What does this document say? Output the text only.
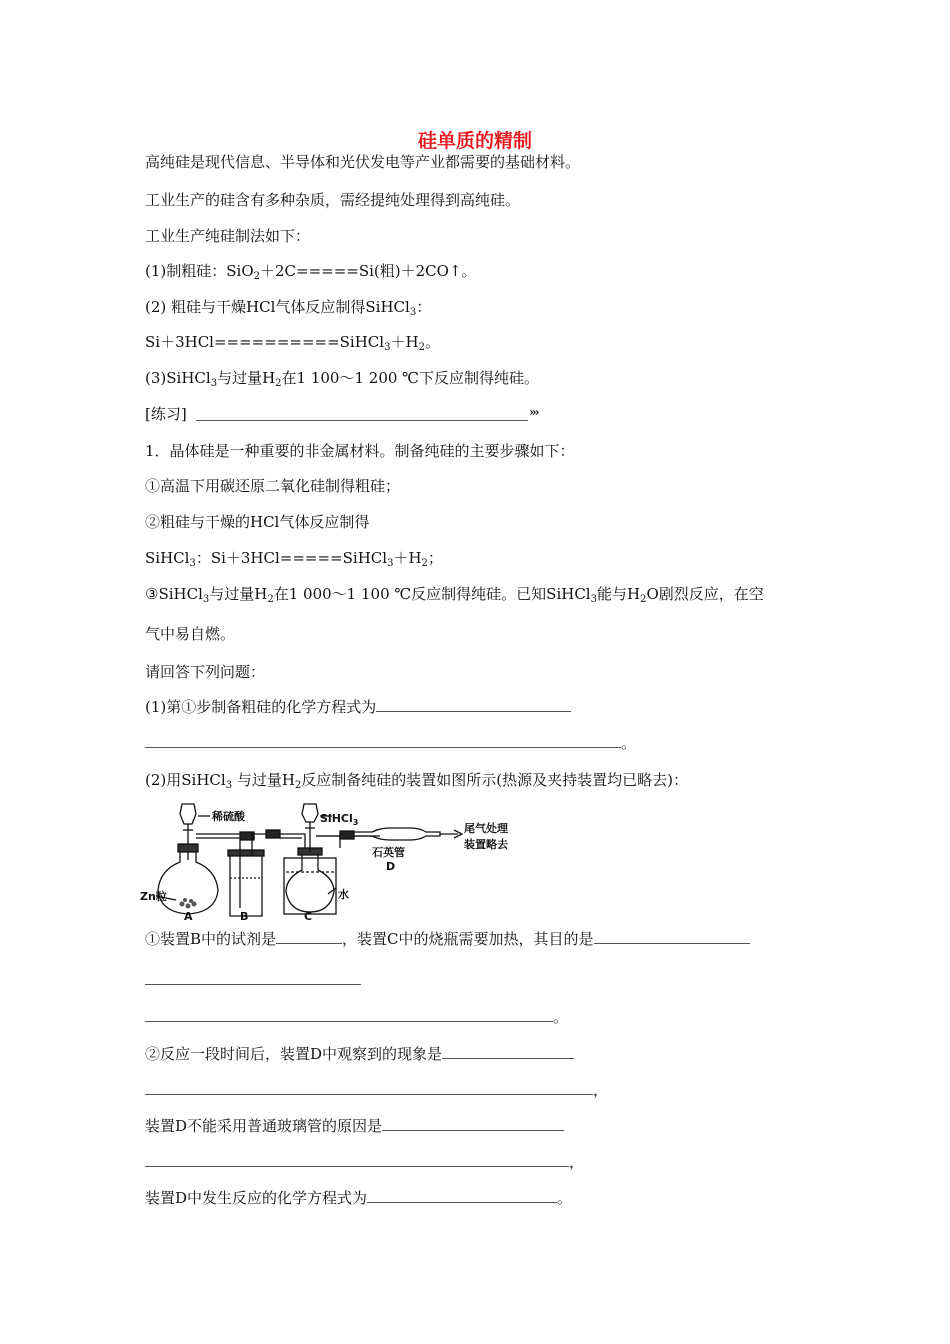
硅单质的精制
高纯硅是现代信息、半导体和光伏发电等产业都需要的基础材料。
工业生产的硅含有多种杂质，需经提纯处理得到高纯硅。
工业生产纯硅制法如下：
(1)制粗硅：SiO$_2$＋2C=====Si(粗)＋2CO↑。
(2) 粗硅与干燥HCl气体反应制得SiHCl$_3$：
$Si+3HCl==========SiHCl_3+H_2$。
(3)SiHCl$_3$与过量$H_2$在1 100～1 200 ℃下反应制得纯硅。
[练习]	›››
1．晶体硅是一种重要的非金属材料。制备纯硅的主要步骤如下：
①高温下用碳还原二氧化硅制得粗硅；
②粗硅与干燥的HCl气体反应制得
SiHCl$_3$：$Si+3HCl=====SiHCl_3+H_2$；
③SiHCl$_3$与过量$H_2$在1 000～1 100 ℃反应制得纯硅。已知SiHCl$_3$能与$H_2O$剧烈反应，在空
气中易自燃。
请回答下列问题：
(1)第①步制备粗硅的化学方程式为
。
(2)用SiHCl$_3$ 与过量$H_2$反应制备纯硅的装置如图所示(热源及夹持装置均已略去)：
稀硫酸	SiHCl$_3$
石英管
D
尾气处理
装置略去
Zn粒	水
A	B	C
①装置B中的试剂是	，装置C中的烧瓶需要加热，其目的是
。
②反应一段时间后，装置D中观察到的现象是
，
装置D不能采用普通玻璃管的原因是
，
装置D中发生反应的化学方程式为	。
